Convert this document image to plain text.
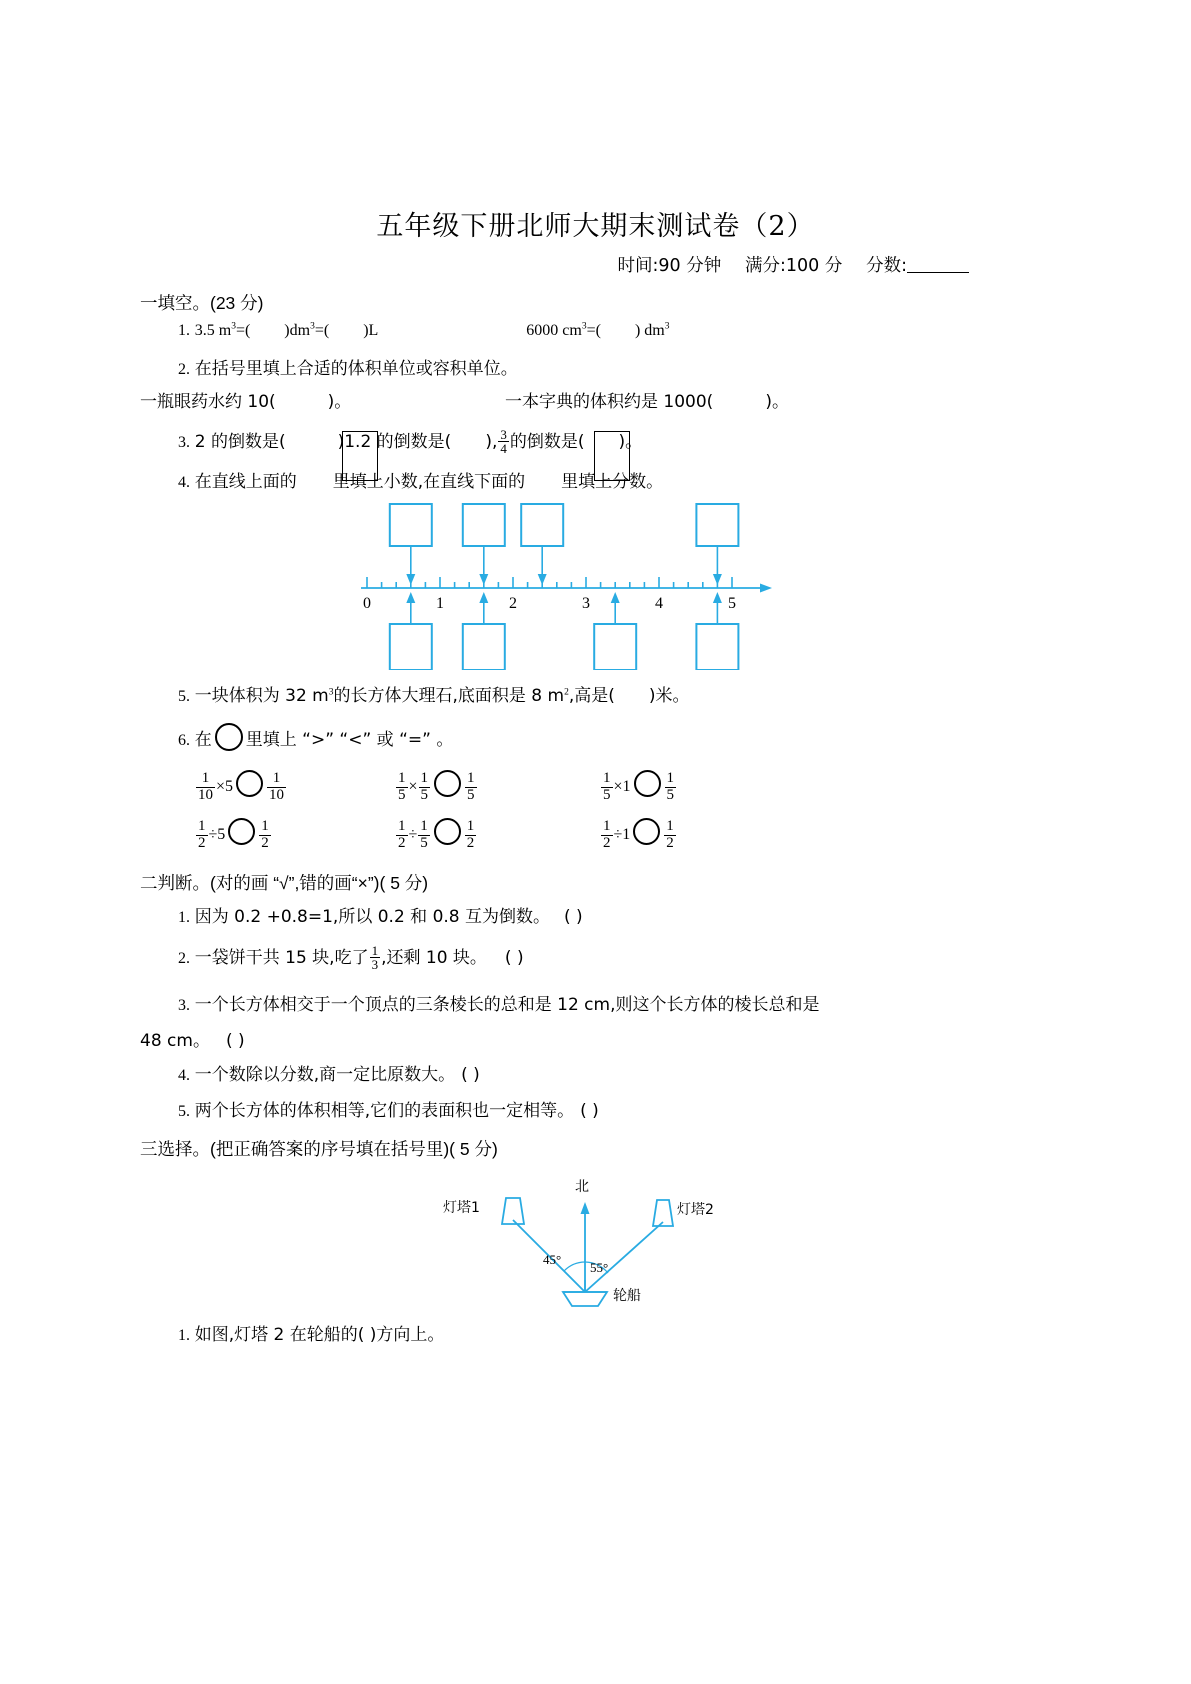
五年级下册北师大期末测试卷（2）
时间:90 分钟 满分:100 分 分数:
一填空。(23 分)
1. 3.5 $m^3=$( )$dm^3=$( )L	6000 $cm^3=$( ) $dm^3$
2. 在括号里填上合适的体积单位或容积单位。
一瓶眼药水约 10(	)。	一本字典的体积约是 1000(	)。
3. 2 的倒数是(	)1.2 的倒数是( ), $\frac{3}{4}$ 的倒数是( )。
4. 在直线上面的 里填上小数,在直线下面的 里填上分数。
0	1	2	3	4	5
5. 一块体积为 32 $m^3$的长方体大理石,底面积是 8 $m^2$,高是( )米。
6. 在 里填上 “>” “<” 或 “=” 。
$\frac{1}{10} \times 5 \frac{1}{10}$	$\frac{1}{5} \times \frac{1}{5} \frac{1}{5}$	$\frac{1}{5} \times 1 \frac{1}{5}$
$\frac{1}{2} \div 5 \frac{1}{2}$	$\frac{1}{2} \div \frac{1}{5} \frac{1}{2}$	$\frac{1}{2} \div 1 \frac{1}{2}$
二判断。(对的画 “√”,错的画“×”)( 5 分)
1. 因为 0.2 +0.8=1,所以 0.2 和 0.8 互为倒数。 ( )
2. 一袋饼干共 15 块,吃了 $\frac{1}{3}$ ,还剩 10 块。 ( )
3. 一个长方体相交于一个顶点的三条棱长的总和是 12 cm,则这个长方体的棱长总和是
48 cm。 ( )
4. 一个数除以分数,商一定比原数大。 ( )
5. 两个长方体的体积相等,它们的表面积也一定相等。 ( )
三选择。(把正确答案的序号填在括号里)( 5 分)
北
灯塔1	灯塔2
45°
55°
轮船
1. 如图,灯塔 2 在轮船的( )方向上。
